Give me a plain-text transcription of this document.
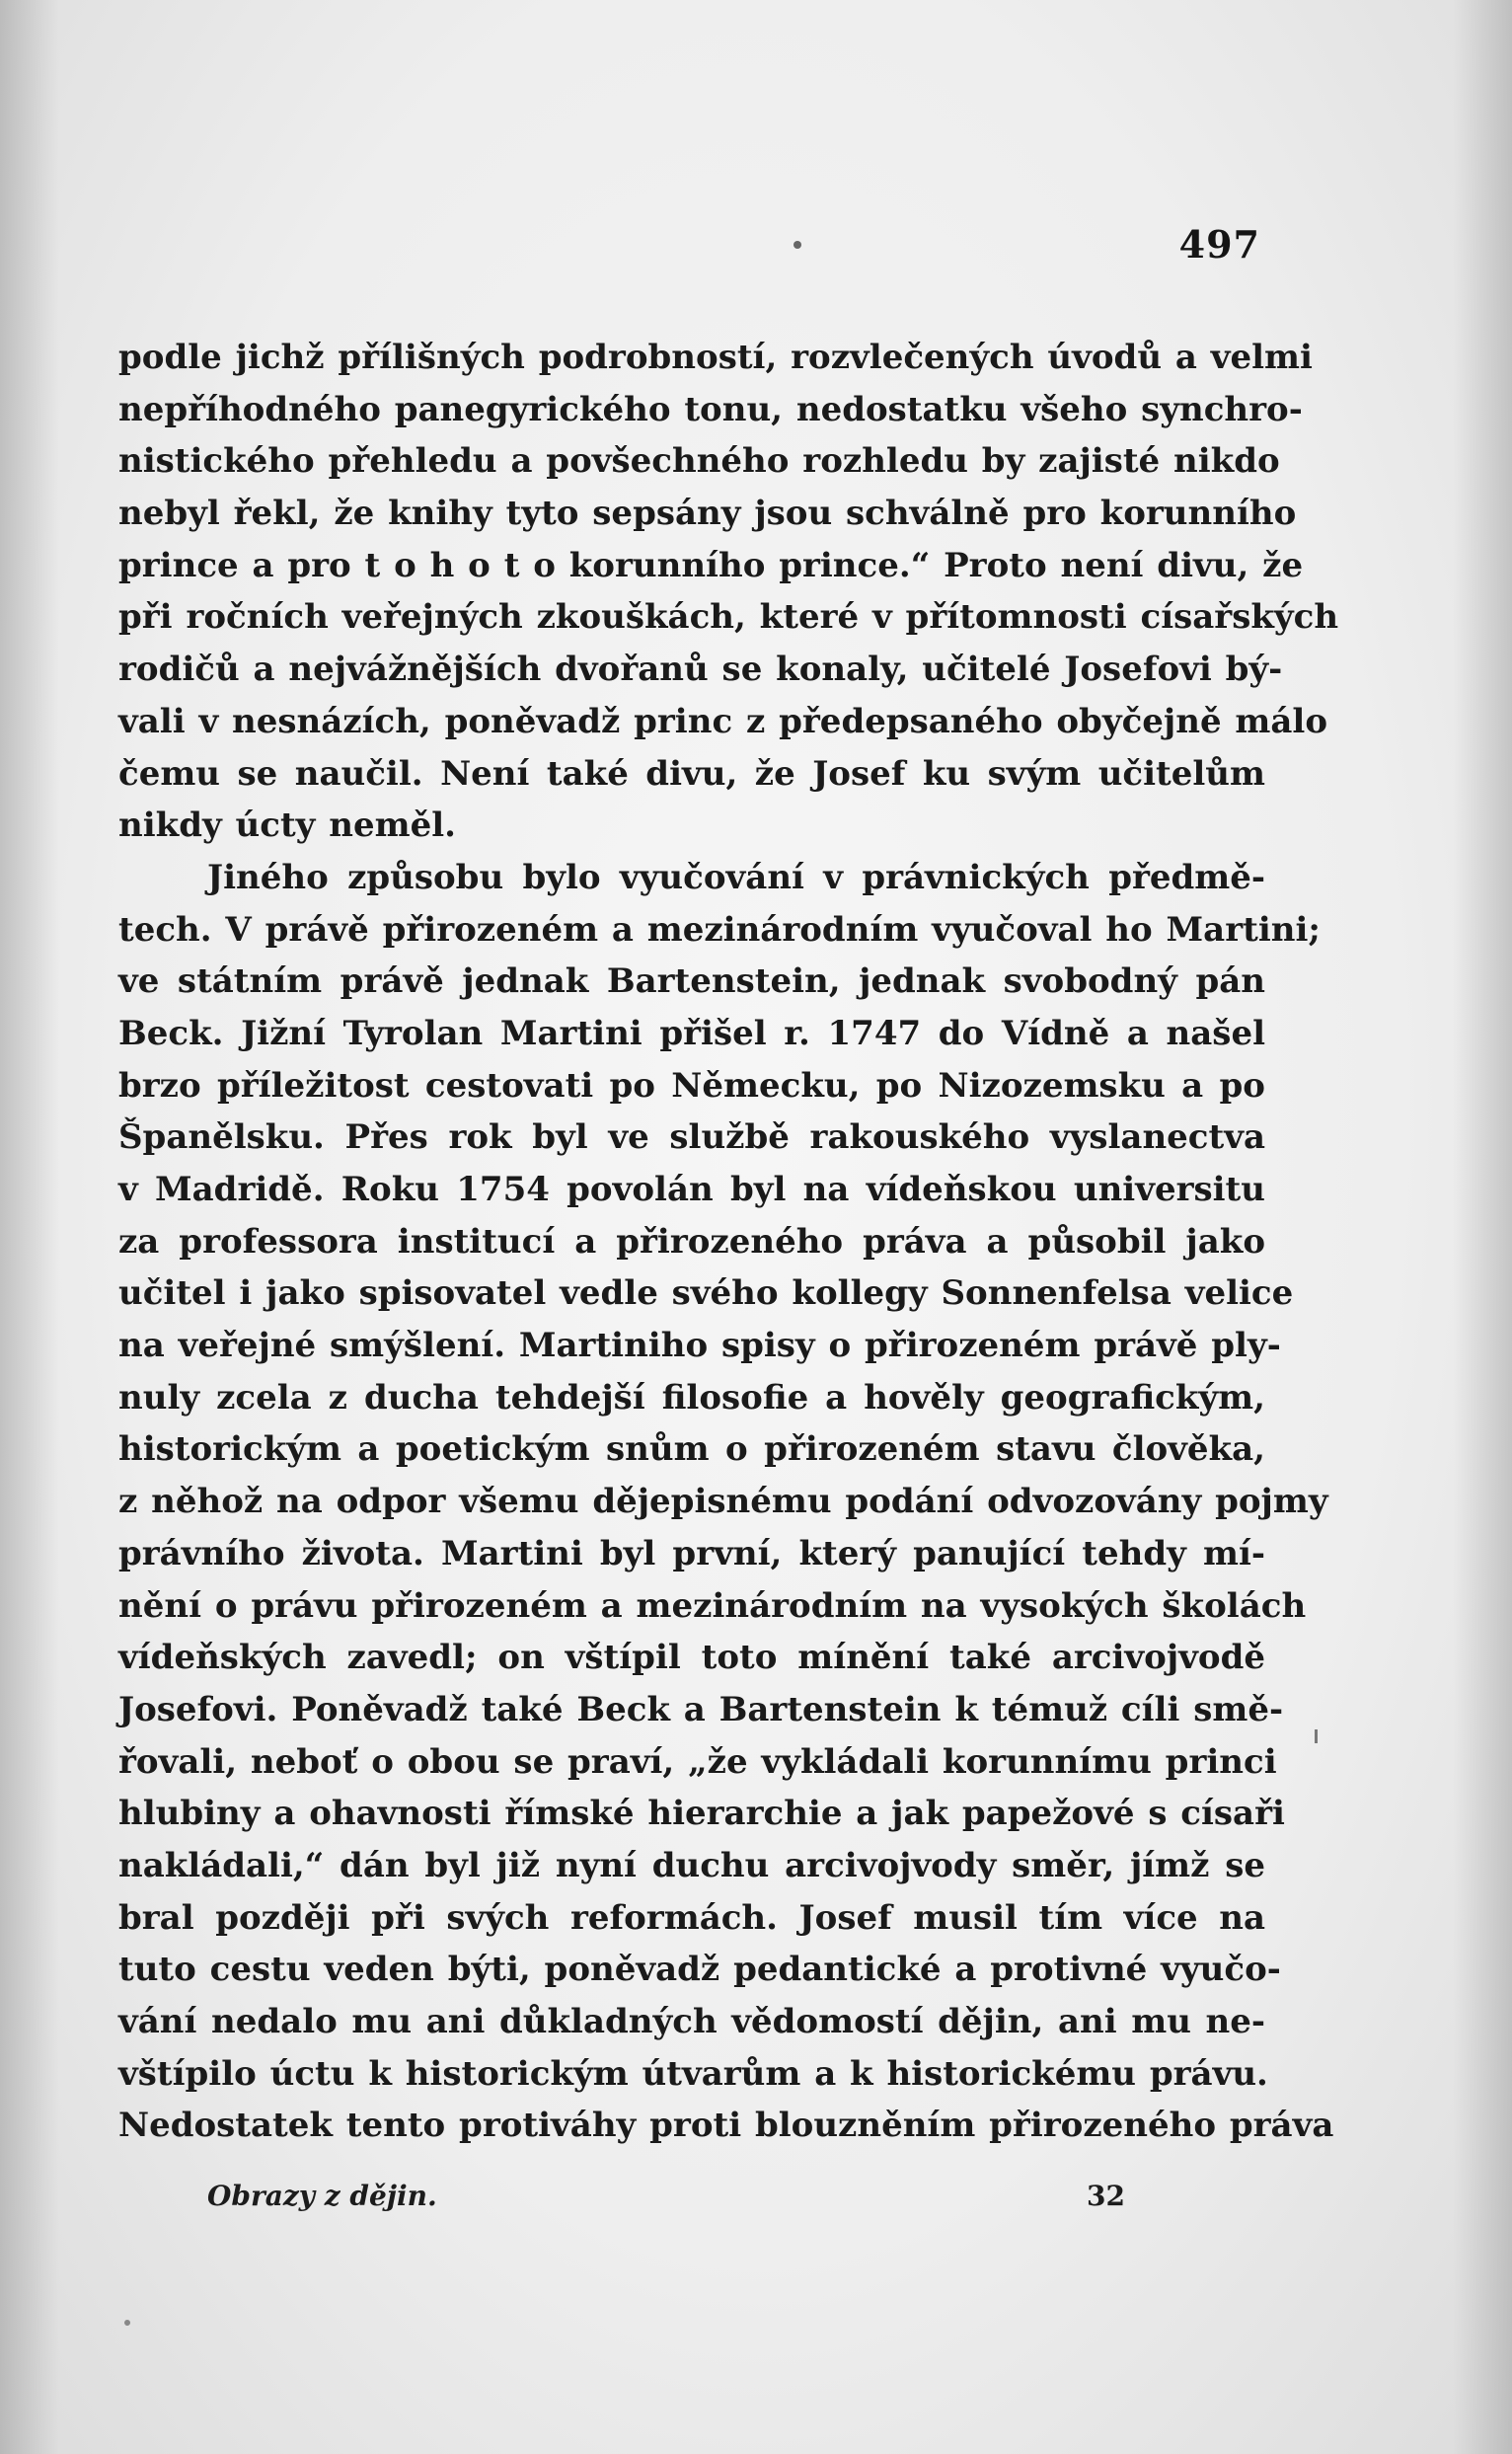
497
podle jichž přílišných podrobností, rozvlečených úvodů a velmi
nepříhodného panegyrického tonu, nedostatku všeho synchro-
nistického přehledu a povšechného rozhledu by zajisté nikdo
nebyl řekl, že knihy tyto sepsány jsou schválně pro korunního
prince a pro t o h o t o korunního prince.“ Proto není divu, že
při ročních veřejných zkouškách, které v přítomnosti císařských
rodičů a nejvážnějších dvořanů se konaly, učitelé Josefovi bý-
vali v nesnázích, poněvadž princ z předepsaného obyčejně málo
čemu se naučil. Není také divu, že Josef ku svým učitelům
nikdy úcty neměl.
Jiného způsobu bylo vyučování v právnických předmě-
tech. V právě přirozeném a mezinárodním vyučoval ho Martini;
ve státním právě jednak Bartenstein, jednak svobodný pán
Beck. Jižní Tyrolan Martini přišel r. 1747 do Vídně a našel
brzo příležitost cestovati po Německu, po Nizozemsku a po
Španělsku. Přes rok byl ve službě rakouského vyslanectva
v Madridě. Roku 1754 povolán byl na vídeňskou universitu
za professora institucí a přirozeného práva a působil jako
učitel i jako spisovatel vedle svého kollegy Sonnenfelsa velice
na veřejné smýšlení. Martiniho spisy o přirozeném právě ply-
nuly zcela z ducha tehdejší filosofie a hověly geografickým,
historickým a poetickým snům o přirozeném stavu člověka,
z něhož na odpor všemu dějepisnému podání odvozovány pojmy
právního života. Martini byl první, který panující tehdy mí-
nění o právu přirozeném a mezinárodním na vysokých školách
vídeňských zavedl; on vštípil toto mínění také arcivojvodě
Josefovi. Poněvadž také Beck a Bartenstein k témuž cíli smě-
řovali, neboť o obou se praví, „že vykládali korunnímu princi
hlubiny a ohavnosti římské hierarchie a jak papežové s císaři
nakládali,“ dán byl již nyní duchu arcivojvody směr, jímž se
bral později při svých reformách. Josef musil tím více na
tuto cestu veden býti, poněvadž pedantické a protivné vyučo-
vání nedalo mu ani důkladných vědomostí dějin, ani mu ne-
vštípilo úctu k historickým útvarům a k historickému právu.
Nedostatek tento protiváhy proti blouzněním přirozeného práva
Obrazy z dějin.	32
